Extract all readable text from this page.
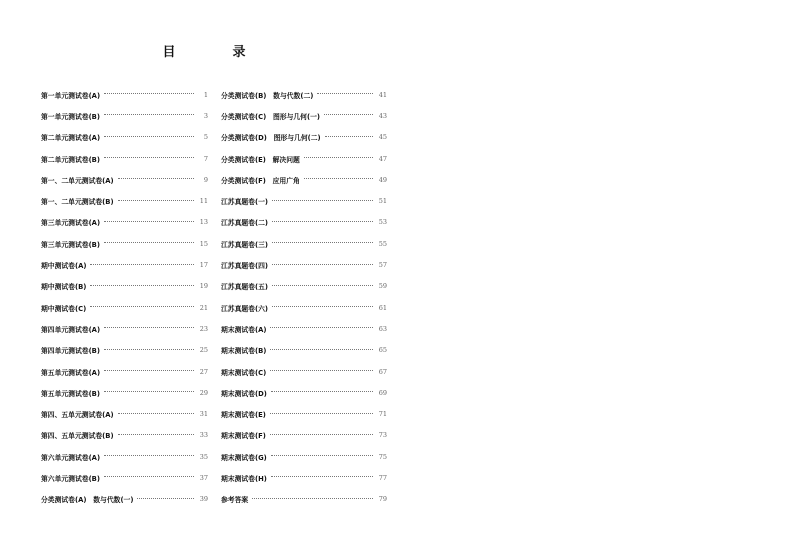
目　录
第一单元测试卷(A)	1
第一单元测试卷(B)	3
第二单元测试卷(A)	5
第二单元测试卷(B)	7
第一、二单元测试卷(A)	9
第一、二单元测试卷(B)	11
第三单元测试卷(A)	13
第三单元测试卷(B)	15
期中测试卷(A)	17
期中测试卷(B)	19
期中测试卷(C)	21
第四单元测试卷(A)	23
第四单元测试卷(B)	25
第五单元测试卷(A)	27
第五单元测试卷(B)	29
第四、五单元测试卷(A)	31
第四、五单元测试卷(B)	33
第六单元测试卷(A)	35
第六单元测试卷(B)	37
分类测试卷(A)　数与代数(一)	39
分类测试卷(B)　数与代数(二)	41
分类测试卷(C)　图形与几何(一)	43
分类测试卷(D)　图形与几何(二)	45
分类测试卷(E)　解决问题	47
分类测试卷(F)　应用广角	49
江苏真题卷(一)	51
江苏真题卷(二)	53
江苏真题卷(三)	55
江苏真题卷(四)	57
江苏真题卷(五)	59
江苏真题卷(六)	61
期末测试卷(A)	63
期末测试卷(B)	65
期末测试卷(C)	67
期末测试卷(D)	69
期末测试卷(E)	71
期末测试卷(F)	73
期末测试卷(G)	75
期末测试卷(H)	77
参考答案	79
